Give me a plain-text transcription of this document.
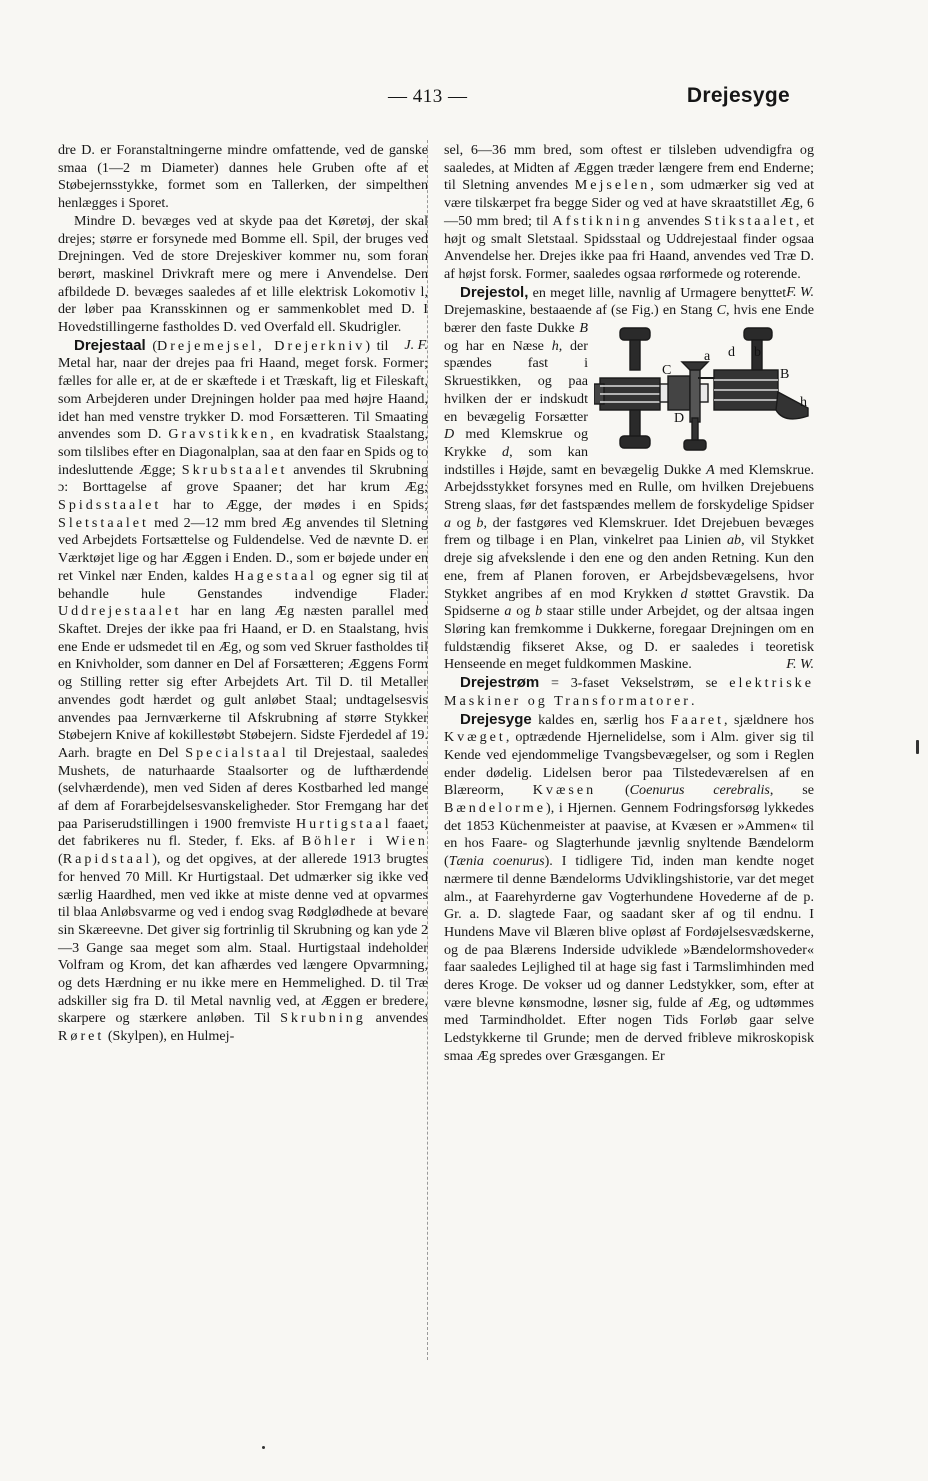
— 413 —	Drejesyge

dre D. er Foranstaltningerne mindre omfattende, ved de ganske smaa (1—2 m Diameter) dannes hele Gruben ofte af et Støbejernsstykke, formet som en Tallerken, der simpelthen henlægges i Sporet.

Mindre D. bevæges ved at skyde paa det Køretøj, der skal drejes; større er forsynede med Bomme ell. Spil, der bruges ved Drejningen. Ved de store Drejeskiver kommer nu, som foran berørt, maskinel Drivkraft mere og mere i Anvendelse. Den afbildede D. bevæges saaledes af et lille elektrisk Lokomotiv l, der løber paa Kransskinnen og er sammenkoblet med D. I Hovedstillingerne fastholdes D. ved Overfald ell. Skudrigler.
J. F.

Drejestaal (Drejemejsel, Drejerkniv) til Metal har, naar der drejes paa fri Haand, meget forsk. Former; fælles for alle er, at de er skæftede i et Træskaft, lig et Fileskaft, som Arbejderen under Drejningen holder paa med højre Haand, idet han med venstre trykker D. mod Forsætteren. Til Smaating anvendes som D. Gravstikken, en kvadratisk Staalstang, som tilslibes efter en Diagonalplan, saa at den faar en Spids og to indesluttende Ægge; Skrubstaalet anvendes til Skrubning ɔ: Borttagelse af grove Spaaner; det har krum Æg; Spidsstaalet har to Ægge, der mødes i en Spids; Sletstaalet med 2—12 mm bred Æg anvendes til Sletning ved Arbejdets Fortsættelse og Fuldendelse. Ved de nævnte D. er Værktøjet lige og har Æggen i Enden. D., som er bøjede under en ret Vinkel nær Enden, kaldes Hagestaal og egner sig til at behandle hule Genstandes indvendige Flader. Uddrejestaalet har en lang Æg næsten parallel med Skaftet. Drejes der ikke paa fri Haand, er D. en Staalstang, hvis ene Ende er udsmedet til en Æg, og som ved Skruer fastholdes til en Knivholder, som danner en Del af Forsætteren; Æggens Form og Stilling retter sig efter Arbejdets Art. Til D. til Metaller anvendes godt hærdet og gult anløbet Staal; undtagelsesvis anvendes paa Jernværkerne til Afskrubning af større Stykker Støbejern Knive af kokillestøbt Støbejern. Sidste Fjerdedel af 19. Aarh. bragte en Del Specialstaal til Drejestaal, saaledes Mushets, de naturhaarde Staalsorter og de lufthærdende (selvhærdende), men ved Siden af deres Kostbarhed led mange af dem af Forarbejdelsesvanskeligheder. Stor Fremgang har det paa Pariserudstillingen i 1900 fremviste Hurtigstaal faaet, det fabrikeres nu fl. Steder, f. Eks. af Böhler i Wien (Rapidstaal), og det opgives, at der allerede 1913 brugtes for henved 70 Mill. Kr Hurtigstaal. Det udmærker sig ikke ved særlig Haardhed, men ved ikke at miste denne ved at opvarmes til blaa Anløbsvarme og ved i endog svag Rødglødhede at bevare sin Skæreevne. Det giver sig fortrinlig til Skrubning og kan yde 2—3 Gange saa meget som alm. Staal. Hurtigstaal indeholder Volfram og Krom, det kan afhærdes ved længere Opvarmning, og dets Hærdning er nu ikke mere en Hemmelighed. D. til Træ adskiller sig fra D. til Metal navnlig ved, at Æggen er bredere, skarpere og stærkere anløben. Til Skrubning anvendes Røret (Skylpen), en Hulmej-

sel, 6—36 mm bred, som oftest er tilsleben udvendigfra og saaledes, at Midten af Æggen træder længere frem end Enderne; til Sletning anvendes Mejselen, som udmærker sig ved at være tilskærpet fra begge Sider og ved at have skraatstillet Æg, 6—50 mm bred; til Afstikning anvendes Stikstaalet, et højt og smalt Sletstaal. Spidsstaal og Uddrejestaal finder ogsaa Anvendelse her. Drejes ikke paa fri Haand, anvendes ved Træ D. af højst forsk. Former, saaledes ogsaa rørformede og roterende.
F. W.

Drejestol, en meget lille, navnlig af Urmagere benyttet Drejemaskine, bestaaende af (se Fig.) en Stang C, hvis ene Ende bærer den faste Dukke
a d b
C	B
D
h
B og har en Næse h, der spændes fast i Skruestikken, og paa hvilken der er indskudt en bevægelig Forsætter D med Klemskrue og Krykke d, som kan indstilles i Højde, samt en bevægelig Dukke A med Klemskrue. Arbejdsstykket forsynes med en Rulle, om hvilken Drejebuens Streng slaas, før det fastspændes mellem de forskydelige Spidser a og b, der fastgøres ved Klemskruer. Idet Drejebuen bevæges frem og tilbage i en Plan, vinkelret paa Linien ab, vil Stykket dreje sig afvekslende i den ene og den anden Retning. Kun den ene, frem af Planen foroven, er Arbejdsbevægelsens, hvor Stykket angribes af en mod Krykken d støttet Gravstik. Da Spidserne a og b staar stille under Arbejdet, og der altsaa ingen Sløring kan fremkomme i Dukkerne, foregaar Drejningen om en fuldstændig fikseret Akse, og D. er saaledes i teoretisk Henseende en meget fuldkommen Maskine.	F. W.

Drejestrøm = 3-faset Vekselstrøm, se elektriske Maskiner og Transformatorer.

Drejesyge kaldes en, særlig hos Faaret, sjældnere hos Kvæget, optrædende Hjernelidelse, som i Alm. giver sig til Kende ved ejendommelige Tvangsbevægelser, og som i Reglen ender dødelig. Lidelsen beror paa Tilstedeværelsen af en Blæreorm, Kvæsen (Coenurus cerebralis, se Bændelorme), i Hjernen. Gennem Fodringsforsøg lykkedes det 1853 Küchenmeister at paavise, at Kvæsen er »Ammen« til en hos Faare- og Slagterhunde jævnlig snyltende Bændelorm (Tænia coenurus). I tidligere Tid, inden man kendte noget nærmere til denne Bændelorms Udviklingshistorie, var det meget alm., at Faarehyrderne gav Vogterhundene Hovederne af de p. Gr. a. D. slagtede Faar, og saadant sker af og til endnu. I Hundens Mave vil Blæren blive opløst af Fordøjelsesvædskerne, og de paa Blærens Inderside udviklede »Bændelormshoveder« faar saaledes Lejlighed til at hage sig fast i Tarmslimhinden med deres Kroge. De vokser ud og danner Ledstykker, som, efter at være blevne kønsmodne, løsner sig, fulde af Æg, og udtømmes med Tarmindholdet. Efter nogen Tids Forløb gaar selve Ledstykkerne til Grunde; men de derved fribleve mikroskopisk smaa Æg spredes over Græsgangen. Er
